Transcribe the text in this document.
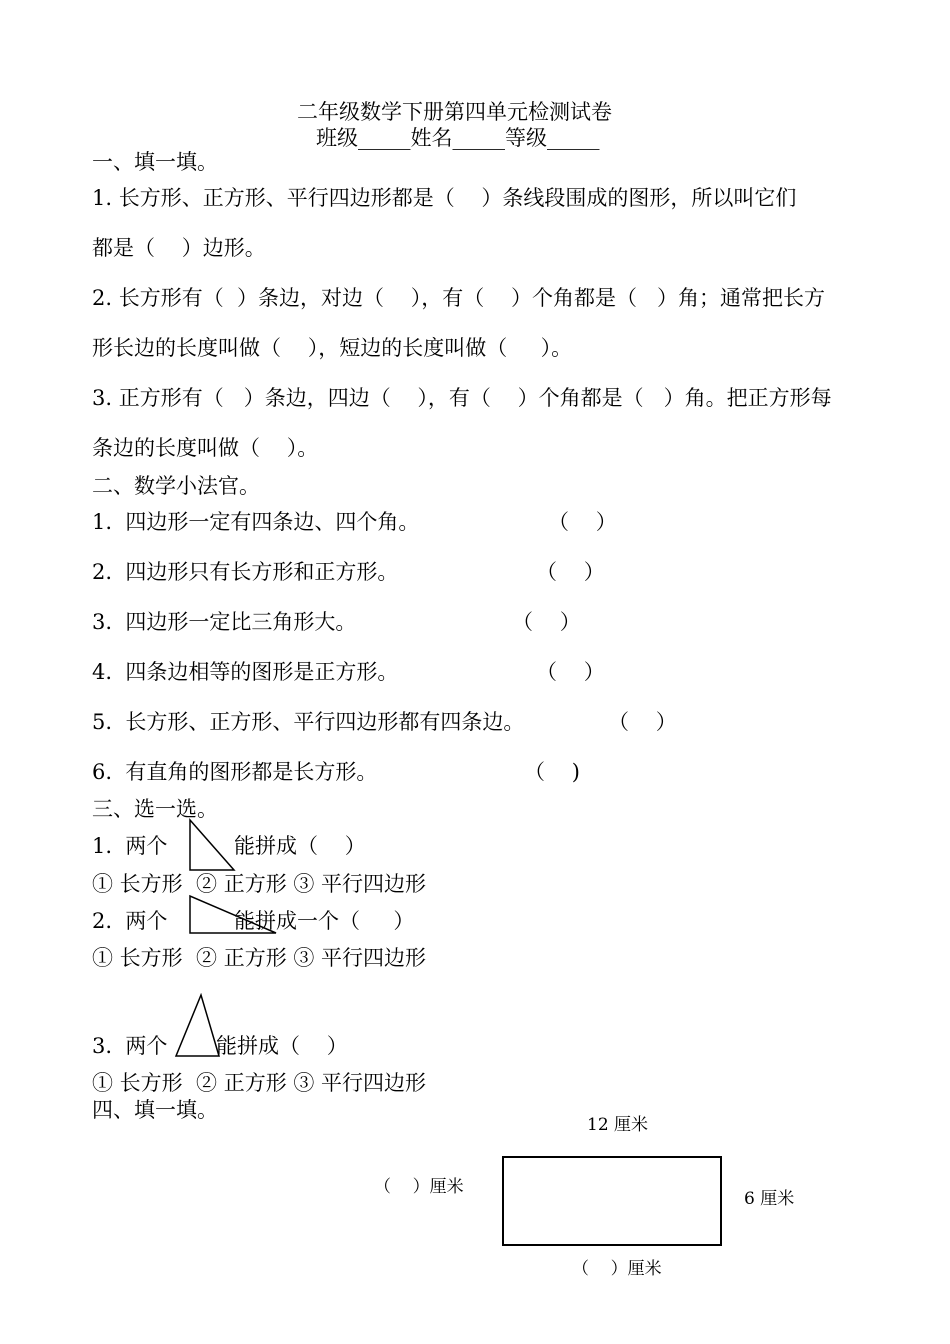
二年级数学下册第四单元检测试卷
班级_____姓名_____等级_____
一、填一填。
1. 长方形、正方形、平行四边形都是（    ）条线段围成的图形，所以叫它们
都是（    ）边形。
2. 长方形有（  ）条边，对边（    ），有（    ）个角都是（   ）角；通常把长方
形长边的长度叫做（    ），短边的长度叫做（     ）。
3. 正方形有（   ）条边，四边（    ），有（    ）个角都是（   ）角。把正方形每
条边的长度叫做（    ）。
二、数学小法官。
1.  四边形一定有四条边、四个角。	（    ）
2.  四边形只有长方形和正方形。	（    ）
3.  四边形一定比三角形大。	（    ）
4.  四条边相等的图形是正方形。	（    ）
5.  长方形、正方形、平行四边形都有四条边。	（    ）
6.  有直角的图形都是长方形。	（    )
三、选一选。
1.  两个	能拼成（    ）
① 长方形  ② 正方形 ③ 平行四边形
2.  两个	能拼成一个（     ）
① 长方形  ② 正方形 ③ 平行四边形
3.  两个 能拼成（    ）
① 长方形  ② 正方形 ③ 平行四边形
四、填一填。
12 厘米
（    ）厘米
6 厘米
（    ）厘米
